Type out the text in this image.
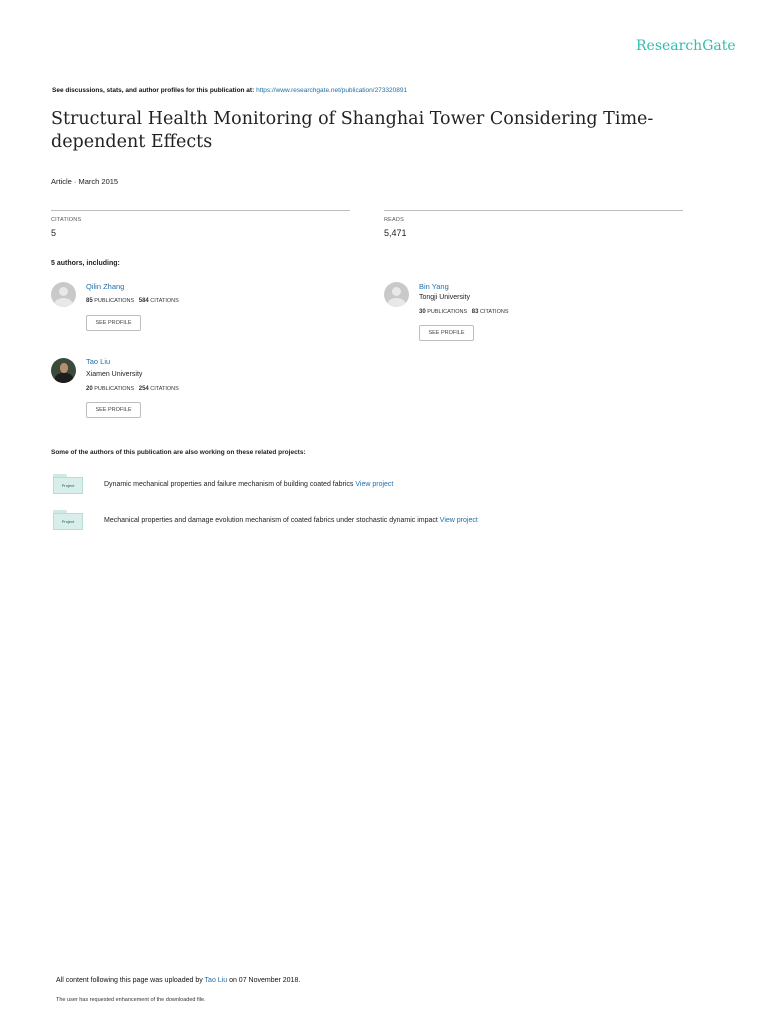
ResearchGate
See discussions, stats, and author profiles for this publication at: https://www.researchgate.net/publication/273320891
Structural Health Monitoring of Shanghai Tower Considering Time-dependent Effects
Article · March 2015
CITATIONS
5
READS
5,471
5 authors, including:
Qilin Zhang
85 PUBLICATIONS 584 CITATIONS
SEE PROFILE
Bin Yang
Tongji University
30 PUBLICATIONS 83 CITATIONS
SEE PROFILE
Tao Liu
Xiamen University
20 PUBLICATIONS 254 CITATIONS
SEE PROFILE
Some of the authors of this publication are also working on these related projects:
Project	Dynamic mechanical properties and failure mechanism of building coated fabrics View project
Project	Mechanical properties and damage evolution mechanism of coated fabrics under stochastic dynamic impact View project
All content following this page was uploaded by Tao Liu on 07 November 2018.
The user has requested enhancement of the downloaded file.
